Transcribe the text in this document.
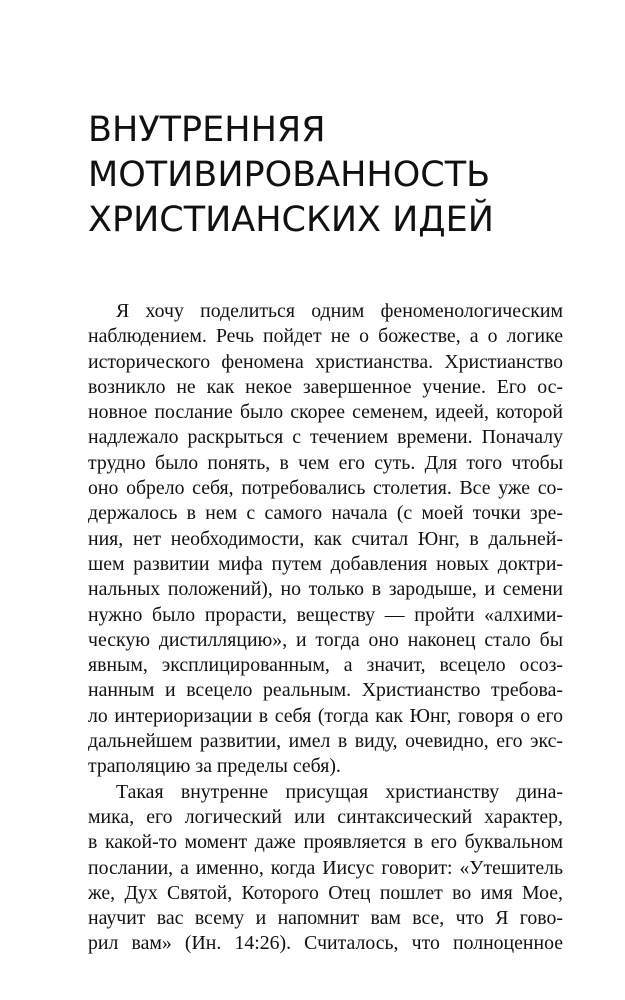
ВНУТРЕННЯЯ
МОТИВИРОВАННОСТЬ
ХРИСТИАНСКИХ ИДЕЙ
Я хочу поделиться одним феноменологическим
наблюдением. Речь пойдет не о божестве, а о логике
исторического феномена христианства. Христианство
возникло не как некое завершенное учение. Его ос-
новное послание было скорее семенем, идеей, которой
надлежало раскрыться с течением времени. Поначалу
трудно было понять, в чем его суть. Для того чтобы
оно обрело себя, потребовались столетия. Все уже со-
держалось в нем с самого начала (с моей точки зре-
ния, нет необходимости, как считал Юнг, в дальней-
шем развитии мифа путем добавления новых доктри-
нальных положений), но только в зародыше, и семени
нужно было прорасти, веществу — пройти «алхими-
ческую дистилляцию», и тогда оно наконец стало бы
явным, эксплицированным, а значит, всецело осоз-
нанным и всецело реальным. Христианство требова-
ло интериоризации в себя (тогда как Юнг, говоря о его
дальнейшем развитии, имел в виду, очевидно, его экс-
траполяцию за пределы себя).
Такая внутренне присущая христианству дина-
мика, его логический или синтаксический характер,
в какой-то момент даже проявляется в его буквальном
послании, а именно, когда Иисус говорит: «Утешитель
же, Дух Святой, Которого Отец пошлет во имя Мое,
научит вас всему и напомнит вам все, что Я гово-
рил вам» (Ин. 14:26). Считалось, что полноценное
